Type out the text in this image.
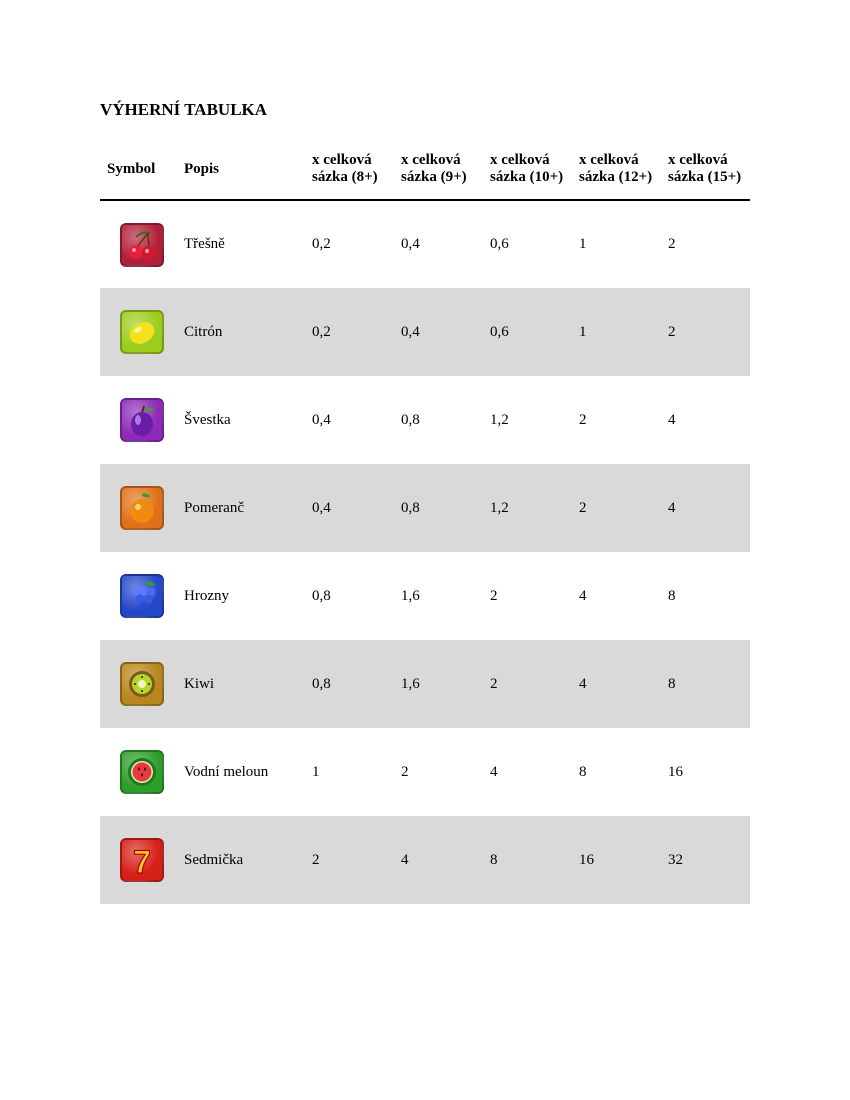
VÝHERNÍ TABULKA
Symbol	Popis	x celková sázka (8+)	x celková sázka (9+)	x celková sázka (10+)	x celková sázka (12+)	x celková sázka (15+)

	Třešně	0,2	0,4	0,6	1	2

	Citrón	0,2	0,4	0,6	1	2

	Švestka	0,4	0,8	1,2	2	4

	Pomeranč	0,4	0,8	1,2	2	4

	Hrozny	0,8	1,6	2	4	8

	Kiwi	0,8	1,6	2	4	8

	Vodní meloun	1	2	4	8	16

7	Sedmička	2	4	8	16	32
